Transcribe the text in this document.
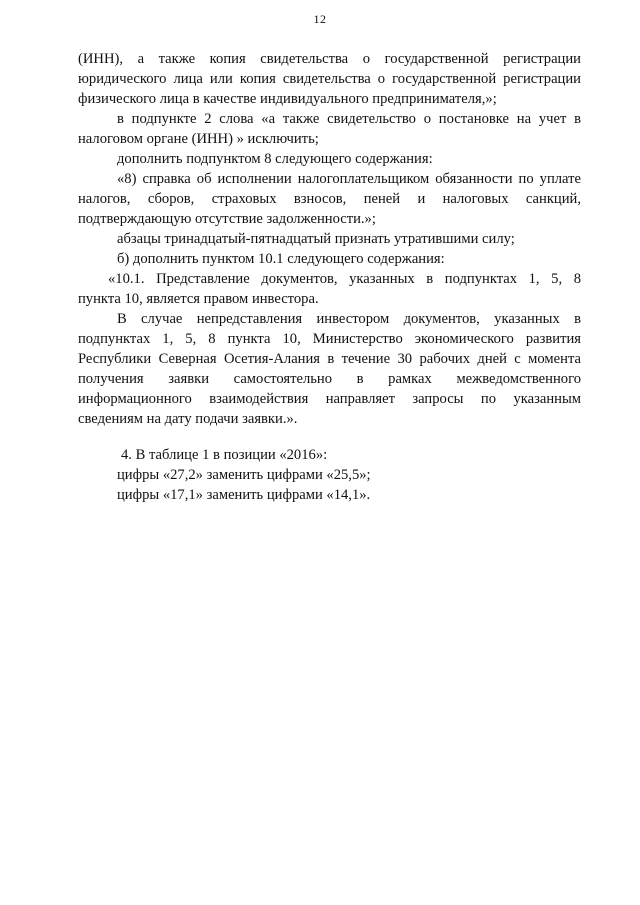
12
(ИНН), а также копия свидетельства о государственной регистрации
юридического лица или копия свидетельства о государственной регистрации
физического лица в качестве индивидуального предпринимателя,»;
в подпункте 2 слова «а также свидетельство о постановке на учет в
налоговом органе (ИНН) » исключить;
дополнить подпунктом 8 следующего содержания:
«8) справка об исполнении налогоплательщиком обязанности по уплате
налогов, сборов, страховых взносов, пеней и налоговых санкций,
подтверждающую отсутствие задолженности.»;
абзацы тринадцатый-пятнадцатый признать утратившими силу;
б) дополнить пунктом 10.1 следующего содержания:
«10.1. Представление документов, указанных в подпунктах 1, 5, 8
пункта 10, является правом инвестора.
В случае непредставления инвестором документов, указанных в
подпунктах 1, 5, 8 пункта 10, Министерство экономического развития
Республики Северная Осетия-Алания в течение 30 рабочих дней с момента
получения заявки самостоятельно в рамках межведомственного
информационного взаимодействия направляет запросы по указанным
сведениям на дату подачи заявки.».
4. В таблице 1 в позиции «2016»:
цифры «27,2» заменить цифрами «25,5»;
цифры «17,1» заменить цифрами «14,1».
